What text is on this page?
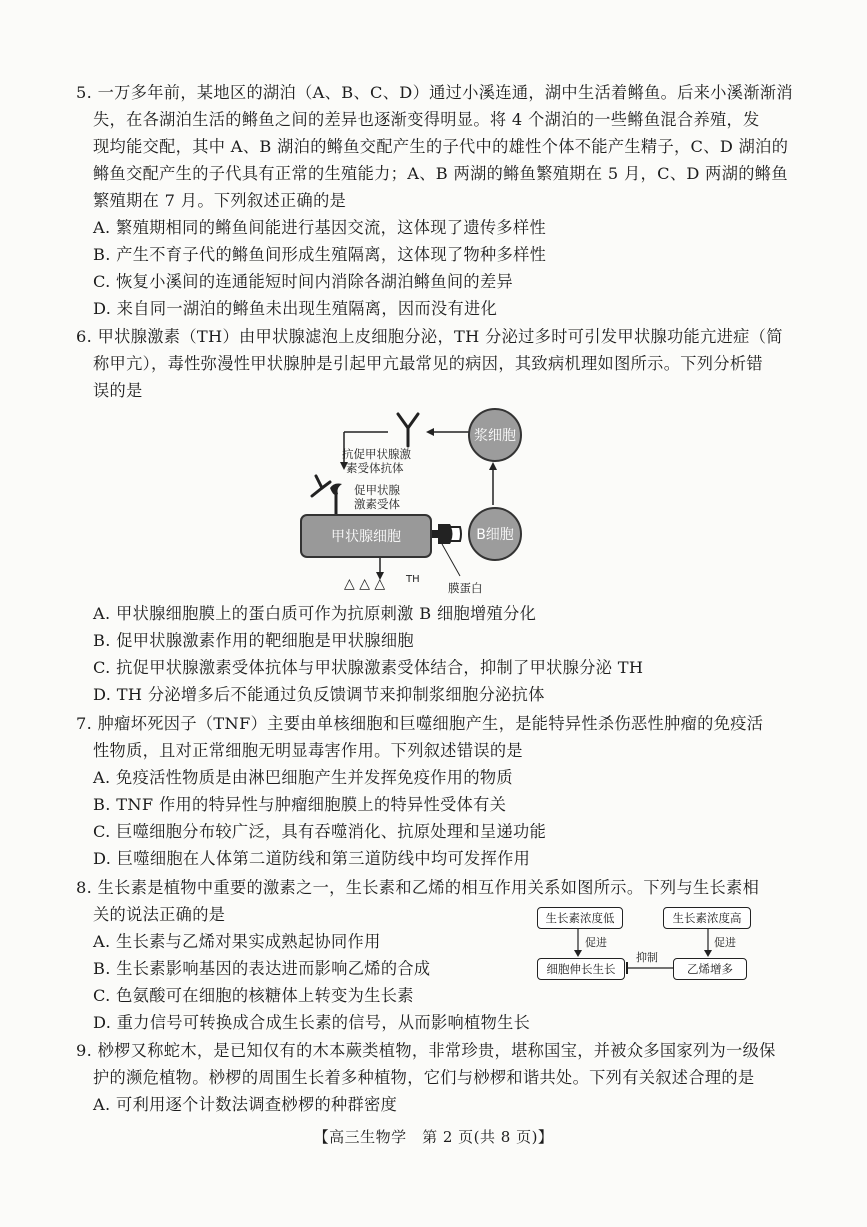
5. 一万多年前，某地区的湖泊（A、B、C、D）通过小溪连通，湖中生活着鳉鱼。后来小溪渐渐消
失，在各湖泊生活的鳉鱼之间的差异也逐渐变得明显。将 4 个湖泊的一些鳉鱼混合养殖，发
现均能交配，其中 A、B 湖泊的鳉鱼交配产生的子代中的雄性个体不能产生精子，C、D 湖泊的
鳉鱼交配产生的子代具有正常的生殖能力；A、B 两湖的鳉鱼繁殖期在 5 月，C、D 两湖的鳉鱼
繁殖期在 7 月。下列叙述正确的是
A. 繁殖期相同的鳉鱼间能进行基因交流，这体现了遗传多样性
B. 产生不育子代的鳉鱼间形成生殖隔离，这体现了物种多样性
C. 恢复小溪间的连通能短时间内消除各湖泊鳉鱼间的差异
D. 来自同一湖泊的鳉鱼未出现生殖隔离，因而没有进化
6. 甲状腺激素（TH）由甲状腺滤泡上皮细胞分泌，TH 分泌过多时可引发甲状腺功能亢进症（简
称甲亢），毒性弥漫性甲状腺肿是引起甲亢最常见的病因，其致病机理如图所示。下列分析错
误的是
浆细胞
抗促甲状腺激
素受体抗体
促甲状腺
激素受体
甲状腺细胞	B细胞
△ △ △ TH
膜蛋白
A. 甲状腺细胞膜上的蛋白质可作为抗原刺激 B 细胞增殖分化
B. 促甲状腺激素作用的靶细胞是甲状腺细胞
C. 抗促甲状腺激素受体抗体与甲状腺激素受体结合，抑制了甲状腺分泌 TH
D. TH 分泌增多后不能通过负反馈调节来抑制浆细胞分泌抗体
7. 肿瘤坏死因子（TNF）主要由单核细胞和巨噬细胞产生，是能特异性杀伤恶性肿瘤的免疫活
性物质，且对正常细胞无明显毒害作用。下列叙述错误的是
A. 免疫活性物质是由淋巴细胞产生并发挥免疫作用的物质
B. TNF 作用的特异性与肿瘤细胞膜上的特异性受体有关
C. 巨噬细胞分布较广泛，具有吞噬消化、抗原处理和呈递功能
D. 巨噬细胞在人体第二道防线和第三道防线中均可发挥作用
8. 生长素是植物中重要的激素之一，生长素和乙烯的相互作用关系如图所示。下列与生长素相
关的说法正确的是	生长素浓度低	生长素浓度高
促进	促进
抑制
细胞伸长生长	乙烯增多
A. 生长素与乙烯对果实成熟起协同作用
B. 生长素影响基因的表达进而影响乙烯的合成
C. 色氨酸可在细胞的核糖体上转变为生长素
D. 重力信号可转换成合成生长素的信号，从而影响植物生长
9. 桫椤又称蛇木，是已知仅有的木本蕨类植物，非常珍贵，堪称国宝，并被众多国家列为一级保
护的濒危植物。桫椤的周围生长着多种植物，它们与桫椤和谐共处。下列有关叙述合理的是
A. 可利用逐个计数法调查桫椤的种群密度
【高三生物学　第 2 页(共 8 页)】
